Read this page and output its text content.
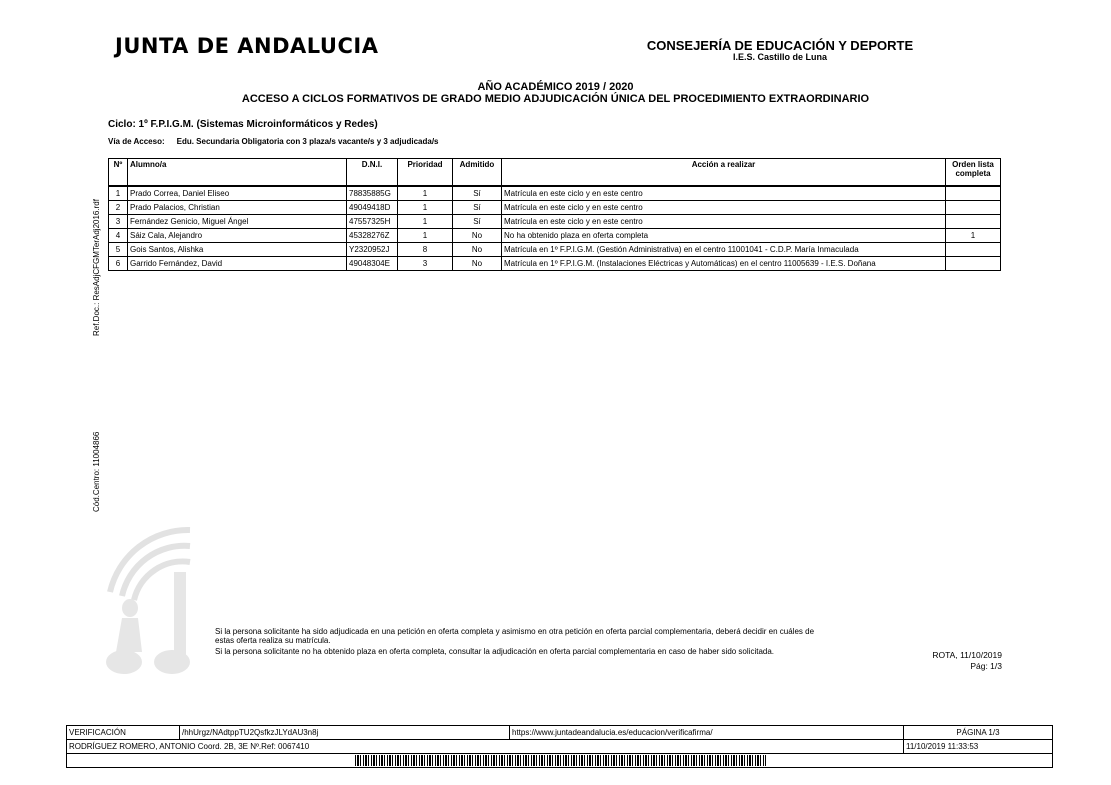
JUNTA DE ANDALUCIA	CONSEJERÍA DE EDUCACIÓN Y DEPORTE
I.E.S. Castillo de Luna
AÑO ACADÉMICO 2019 / 2020
ACCESO A CICLOS FORMATIVOS DE GRADO MEDIO ADJUDICACIÓN ÚNICA DEL PROCEDIMIENTO EXTRAORDINARIO
Ciclo: 1º F.P.I.G.M. (Sistemas Microinformáticos y Redes)
Vía de Acceso: Edu. Secundaria Obligatoria con 3 plaza/s vacante/s y 3 adjudicada/s
Nº	Alumno/a	D.N.I.	Prioridad	Admitido	Acción a realizar	Orden lista completa
1	Prado Correa, Daniel Eliseo	78835885G	1	Sí	Matrícula en este ciclo y en este centro	
2	Prado Palacios, Christian	49049418D	1	Sí	Matrícula en este ciclo y en este centro	
3	Fernández Genicio, Miguel Ángel	47557325H	1	Sí	Matrícula en este ciclo y en este centro	
4	Sáiz Cala, Alejandro	45328276Z	1	No	No ha obtenido plaza en oferta completa	1
5	Gois Santos, Alishka	Y2320952J	8	No	Matrícula en 1º F.P.I.G.M. (Gestión Administrativa) en el centro 11001041 - C.D.P. María Inmaculada	
6	Garrido Fernández, David	49048304E	3	No	Matrícula en 1º F.P.I.G.M. (Instalaciones Eléctricas y Automáticas) en el centro 11005639 - I.E.S. Doñana	
Ref.Doc.: ResAdjCFGMTerAdj2016.rdf
Cód.Centro: 11004866

Si la persona solicitante ha sido adjudicada en una petición en oferta completa y asimismo en otra petición en oferta parcial complementaria, deberá decidir en cuáles de estas oferta realiza su matrícula.

Si la persona solicitante no ha obtenido plaza en oferta completa, consultar la adjudicación en oferta parcial complementaria en caso de haber sido solicitada.	ROTA, 11/10/2019
Pág: 1/3
VERIFICACIÓN	/hhUrgz/NAdtppTU2QsfkzJLYdAU3n8j	https://www.juntadeandalucia.es/educacion/verificafirma/	PÁGINA 1/3
RODRÍGUEZ ROMERO, ANTONIO Coord. 2B, 3E Nº.Ref: 0067410			11/10/2019 11:33:53
